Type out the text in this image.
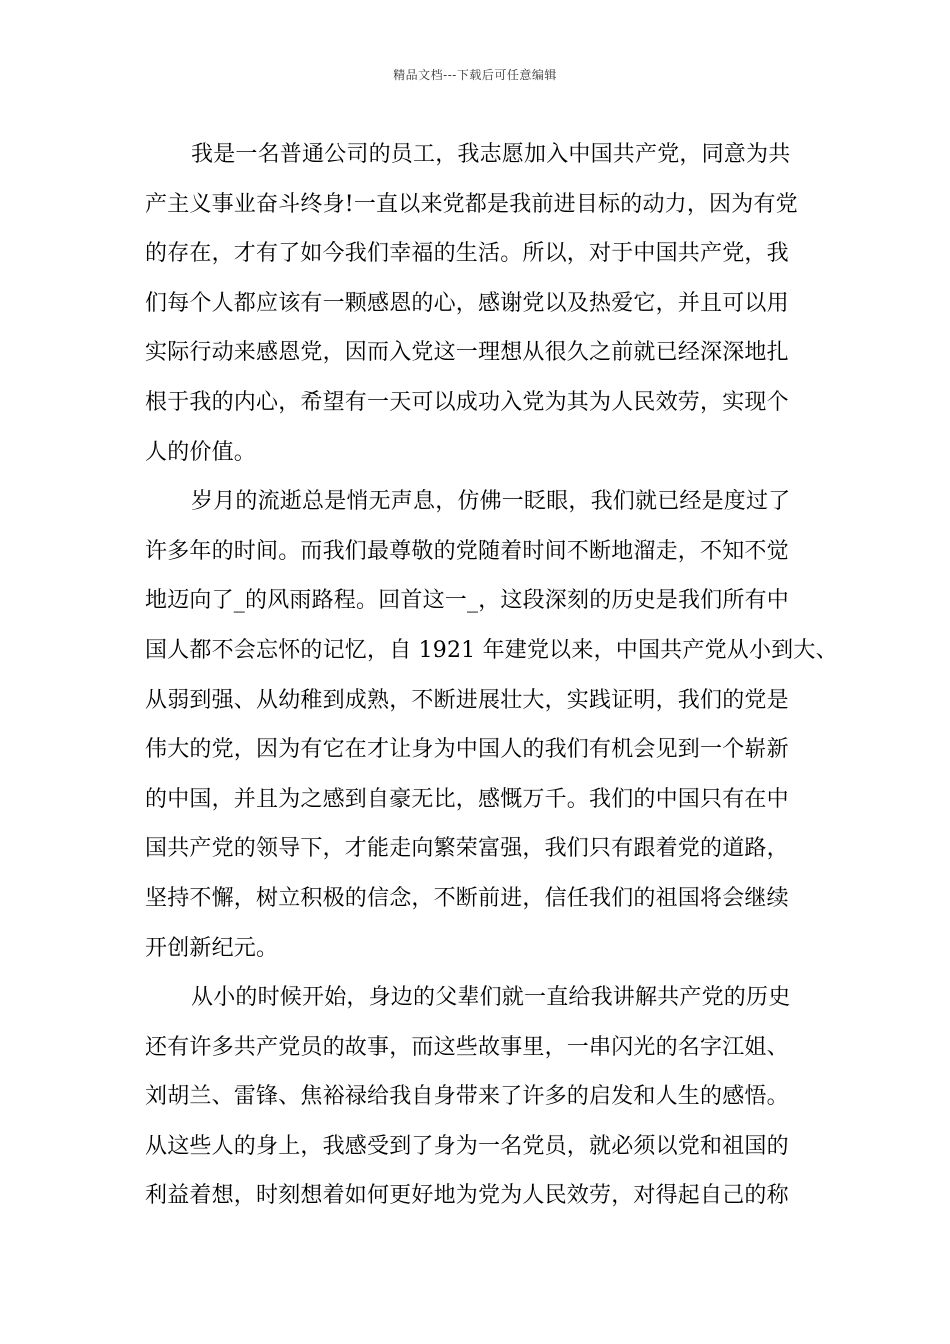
精品文档---下载后可任意编辑
我是一名普通公司的员工，我志愿加入中国共产党，同意为共
产主义事业奋斗终身!一直以来党都是我前进目标的动力，因为有党
的存在，才有了如今我们幸福的生活。所以，对于中国共产党，我
们每个人都应该有一颗感恩的心，感谢党以及热爱它，并且可以用
实际行动来感恩党，因而入党这一理想从很久之前就已经深深地扎
根于我的内心，希望有一天可以成功入党为其为人民效劳，实现个
人的价值。
岁月的流逝总是悄无声息，仿佛一眨眼，我们就已经是度过了
许多年的时间。而我们最尊敬的党随着时间不断地溜走，不知不觉
地迈向了_的风雨路程。回首这一_，这段深刻的历史是我们所有中
国人都不会忘怀的记忆，自 1921 年建党以来，中国共产党从小到大、
从弱到强、从幼稚到成熟，不断进展壮大，实践证明，我们的党是
伟大的党，因为有它在才让身为中国人的我们有机会见到一个崭新
的中国，并且为之感到自豪无比，感慨万千。我们的中国只有在中
国共产党的领导下，才能走向繁荣富强，我们只有跟着党的道路，
坚持不懈，树立积极的信念，不断前进，信任我们的祖国将会继续
开创新纪元。
从小的时候开始，身边的父辈们就一直给我讲解共产党的历史
还有许多共产党员的故事，而这些故事里，一串闪光的名字江姐、
刘胡兰、雷锋、焦裕禄给我自身带来了许多的启发和人生的感悟。
从这些人的身上，我感受到了身为一名党员，就必须以党和祖国的
利益着想，时刻想着如何更好地为党为人民效劳，对得起自己的称
